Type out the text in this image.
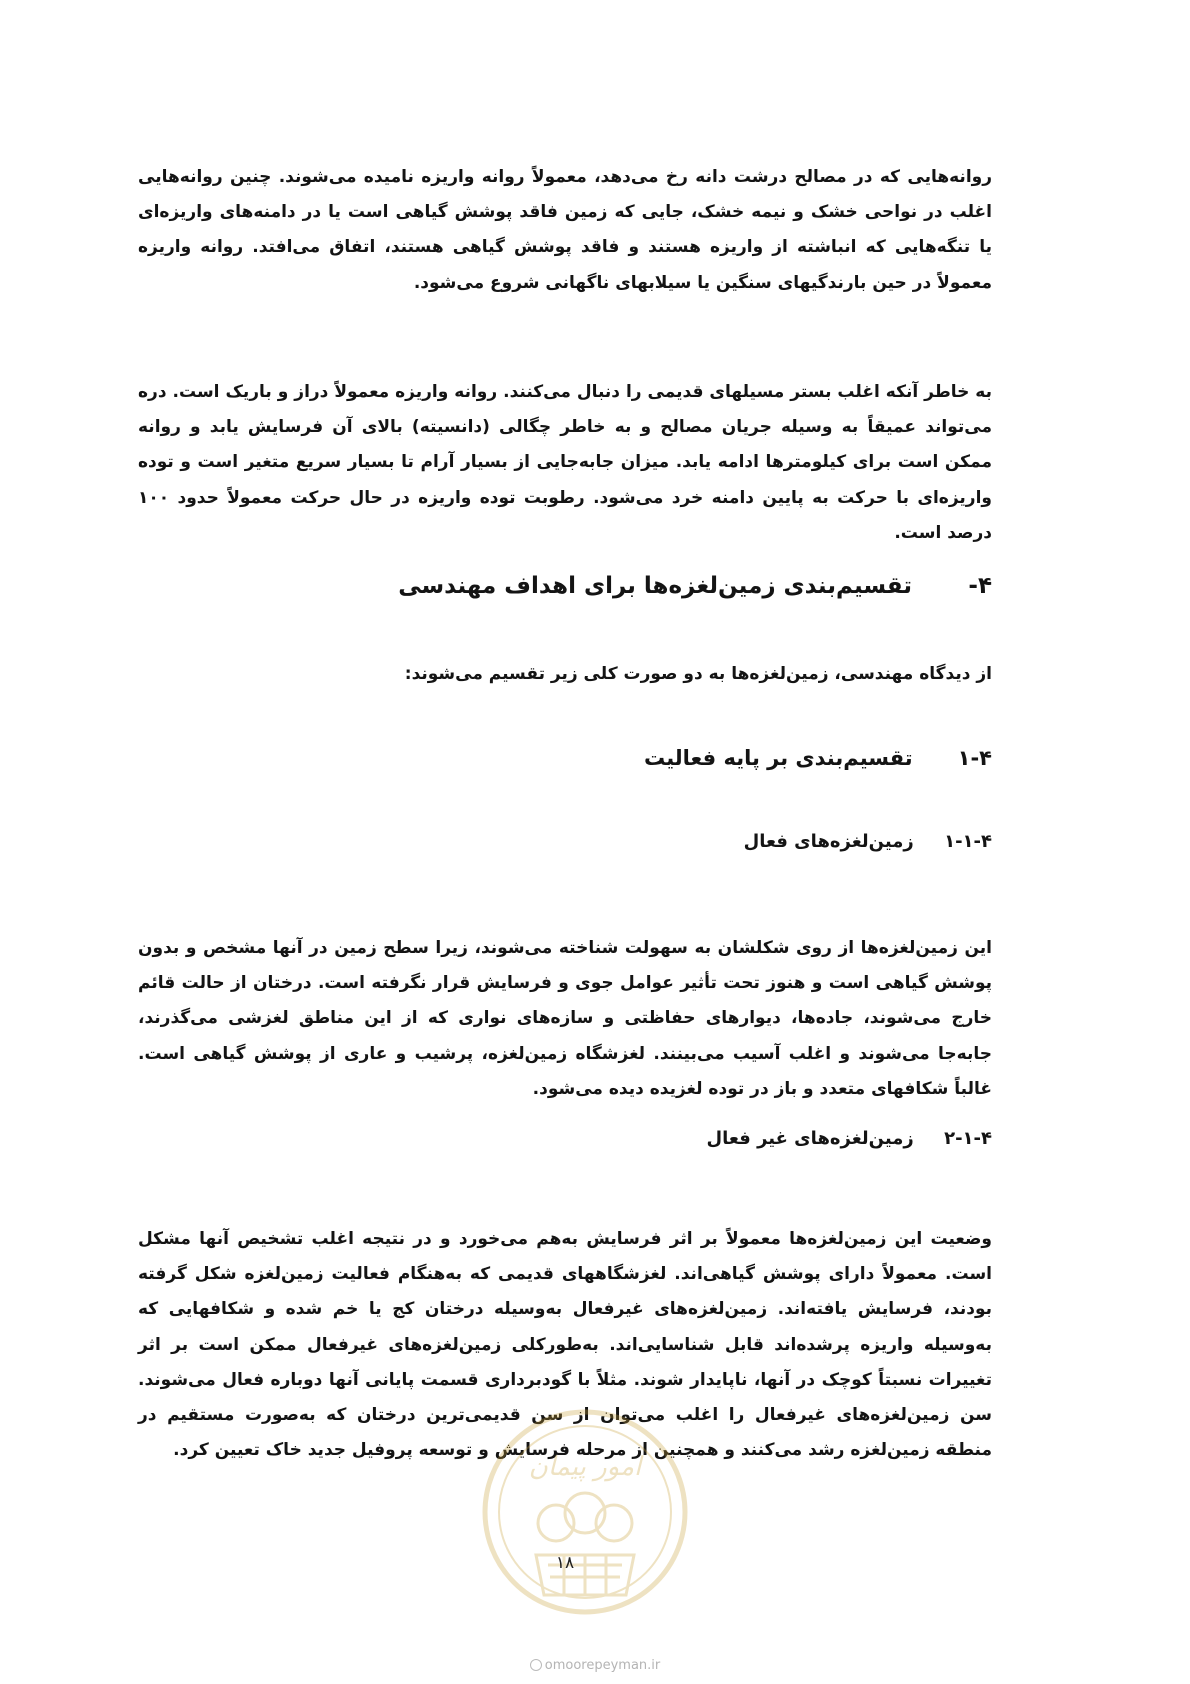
روانه‌هایی که در مصالح درشت دانه رخ می‌دهد، معمولاً روانه واریزه نامیده می‌شوند. چنین روانه‌هایی اغلب در نواحی خشک و نیمه خشک، جایی که زمین فاقد پوشش گیاهی است یا در دامنه‌های واریزه‌ای یا تنگه‌هایی که انباشته از واریزه هستند و فاقد پوشش گیاهی هستند، اتفاق می‌افتد. روانه واریزه معمولاً در حین بارندگیهای سنگین یا سیلابهای ناگهانی شروع می‌شود.

به خاطر آنکه اغلب بستر مسیلهای قدیمی را دنبال می‌کنند. روانه واریزه معمولاً دراز و باریک است. دره می‌تواند عمیقاً به وسیله جریان مصالح و به خاطر چگالی (دانسیته) بالای آن فرسایش یابد و روانه ممکن است برای کیلومترها ادامه یابد. میزان جابه‌جایی از بسیار آرام تا بسیار سریع متغیر است و توده واریزه‌ای با حرکت به پایین دامنه خرد می‌شود. رطوبت توده واریزه در حال حرکت معمولاً حدود ۱۰۰ درصد است.

۴- تقسیم‌بندی زمین‌لغزه‌ها برای اهداف مهندسی
از دیدگاه مهندسی، زمین‌لغزه‌ها به دو صورت کلی زیر تقسیم می‌شوند:
۱-۴ تقسیم‌بندی بر پایه فعالیت
۱-۱-۴ زمین‌لغزه‌های فعال

این زمین‌لغزه‌ها از روی شکلشان به سهولت شناخته می‌شوند، زیرا سطح زمین در آنها مشخص و بدون پوشش گیاهی است و هنوز تحت تأثیر عوامل جوی و فرسایش قرار نگرفته است. درختان از حالت قائم خارج می‌شوند، جاده‌ها، دیوارهای حفاظتی و سازه‌های نواری که از این مناطق لغزشی می‌گذرند، جابه‌جا می‌شوند و اغلب آسیب می‌بینند. لغزشگاه زمین‌لغزه، پرشیب و عاری از پوشش گیاهی است. غالباً شکافهای متعدد و باز در توده لغزیده دیده می‌شود.

۲-۱-۴ زمین‌لغزه‌های غیر فعال

وضعیت این زمین‌لغزه‌ها معمولاً بر اثر فرسایش به‌هم می‌خورد و در نتیجه اغلب تشخیص آنها مشکل است. معمولاً دارای پوشش گیاهی‌اند. لغزشگاههای قدیمی که به‌هنگام فعالیت زمین‌لغزه شکل گرفته بودند، فرسایش یافته‌اند. زمین‌لغزه‌های غیرفعال به‌وسیله درختان کج یا خم شده و شکافهایی که به‌وسیله واریزه پرشده‌اند قابل شناسایی‌اند. به‌طورکلی زمین‌لغزه‌های غیرفعال ممکن است بر اثر تغییرات نسبتاً کوچک در آنها، ناپایدار شوند. مثلاً با گودبرداری قسمت پایانی آنها دوباره فعال می‌شوند. سن زمین‌لغزه‌های غیرفعال را اغلب می‌توان از سن قدیمی‌ترین درختان که به‌صورت مستقیم در منطقه زمین‌لغزه رشد می‌کنند و همچنین از مرحله فرسایش و توسعه پروفیل جدید خاک تعیین کرد.

امور پیمان
۱۸
omoorepeyman.ir
